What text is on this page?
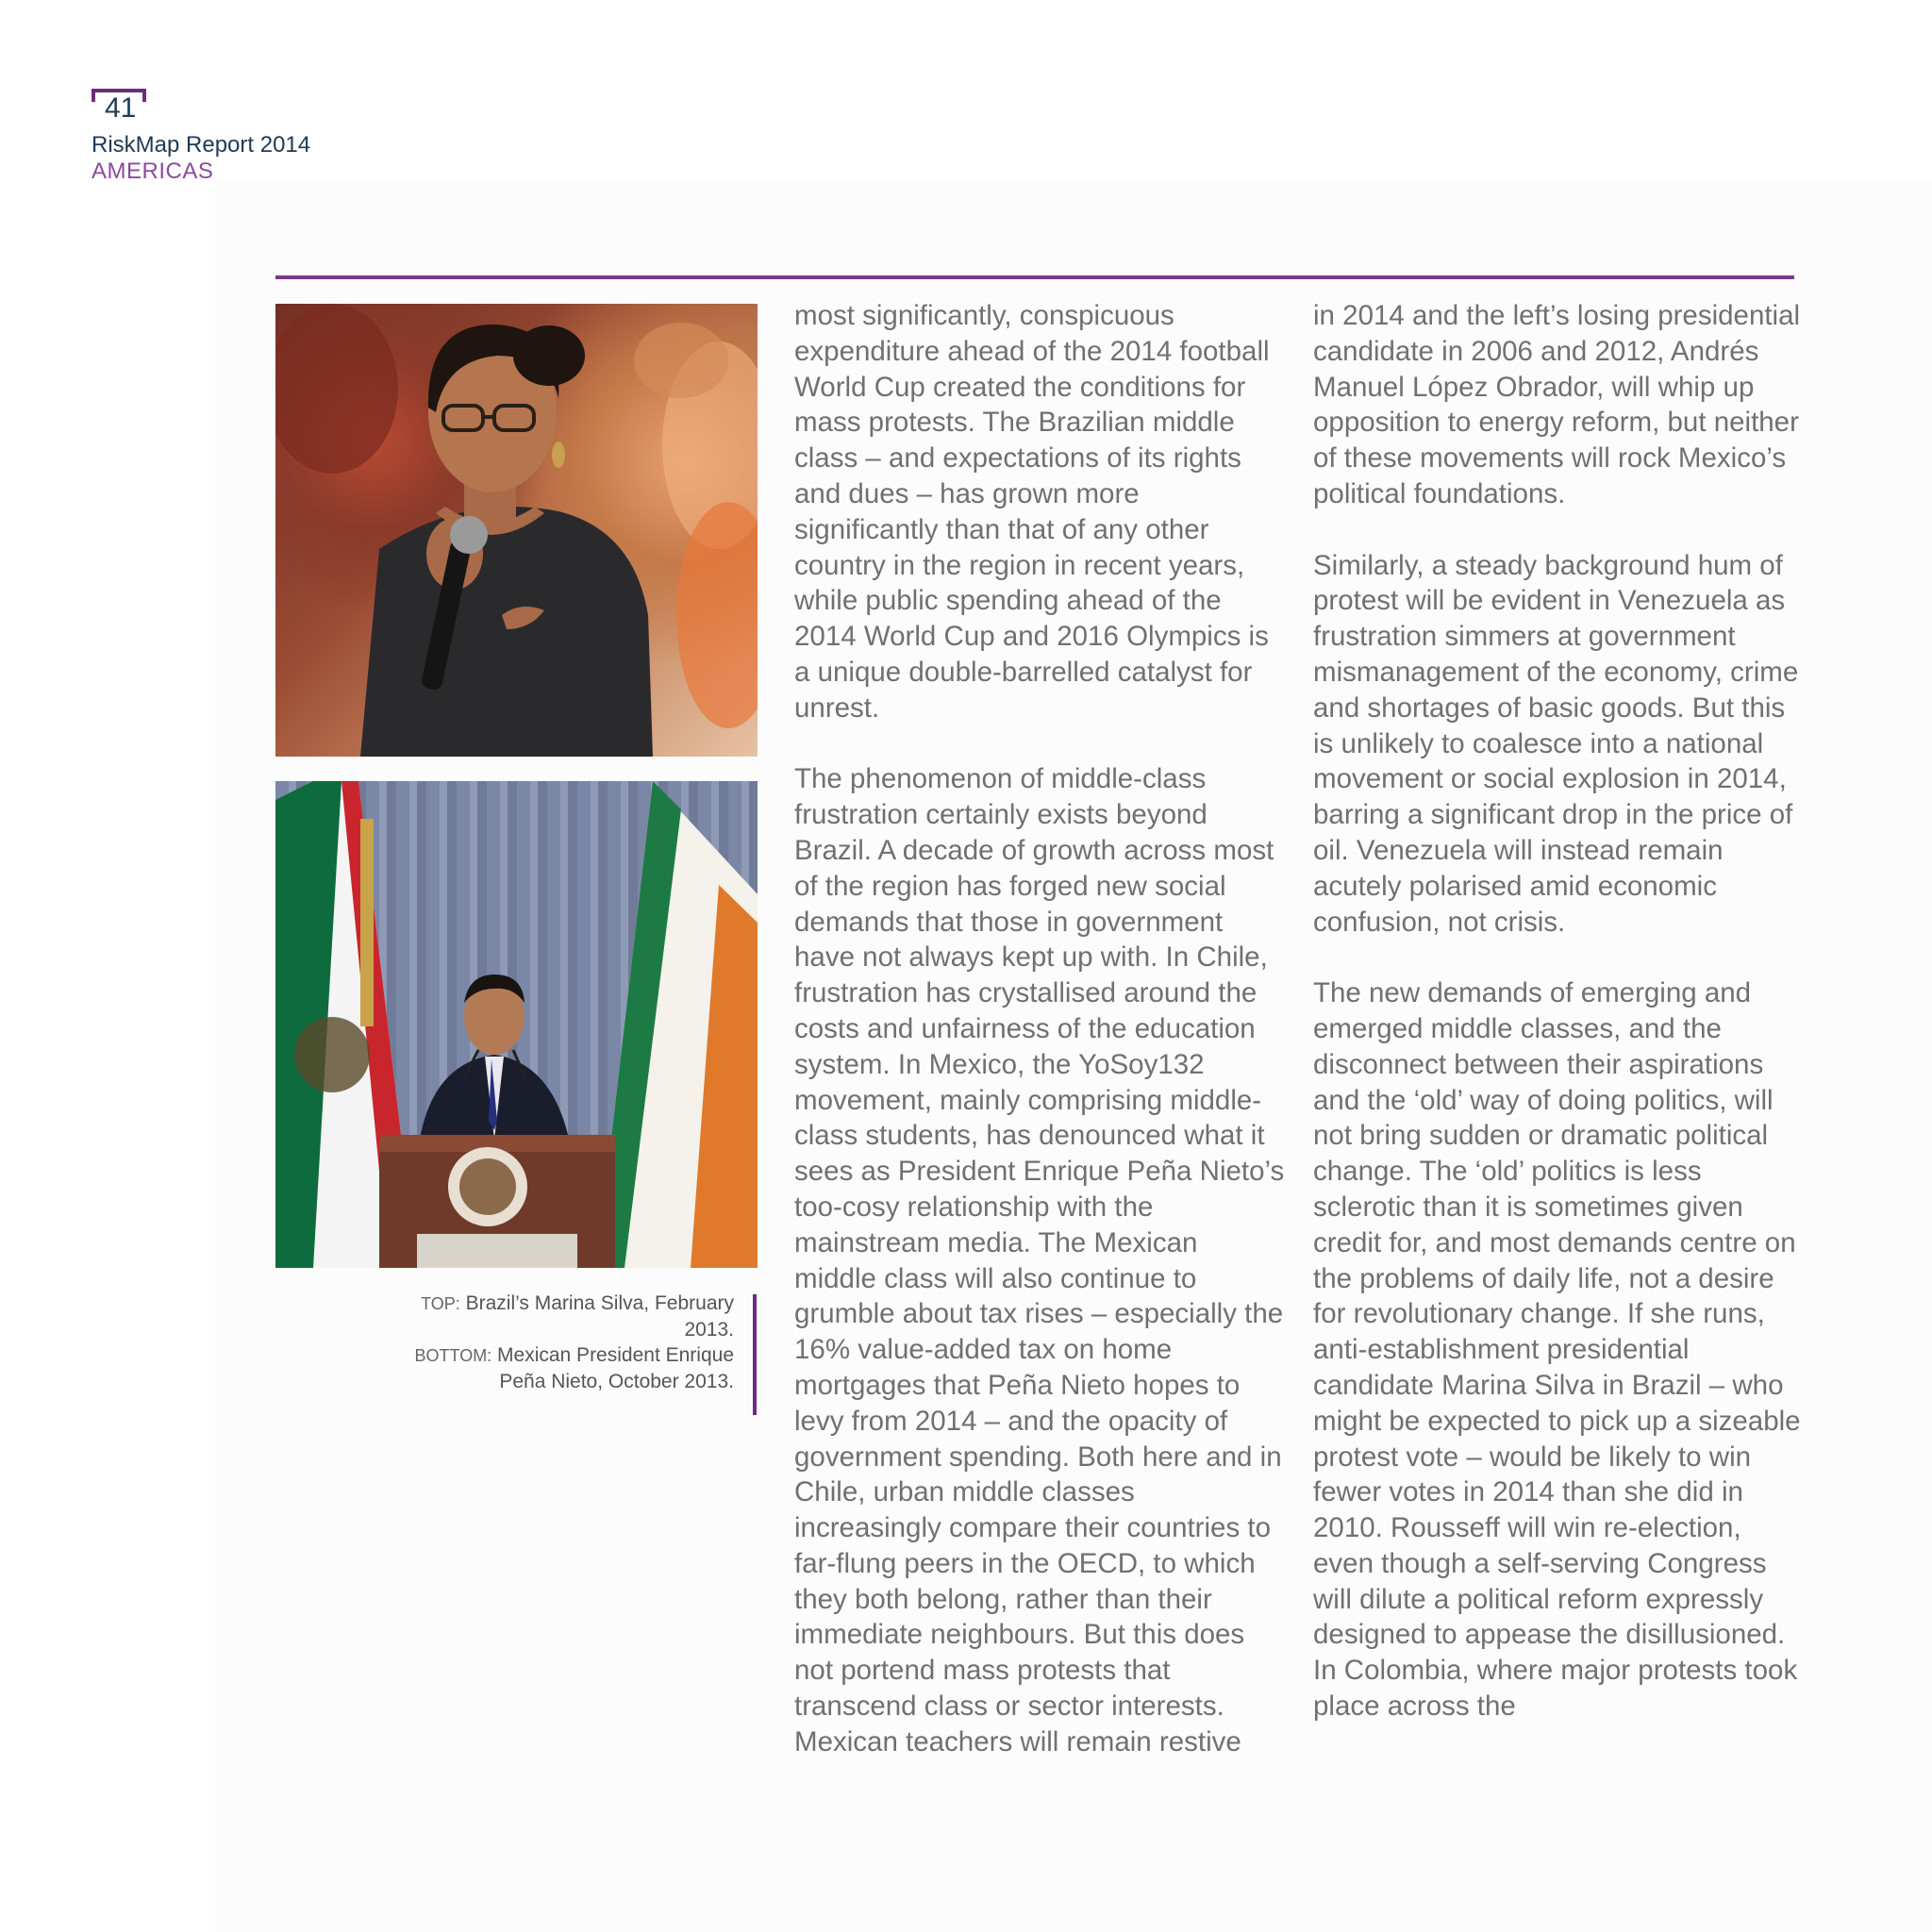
41
RiskMap Report 2014
AMERICAS
TOP: Brazil’s Marina Silva, February 2013.
BOTTOM: Mexican President Enrique Peña Nieto, October 2013.

most significantly, conspicuous expenditure ahead of the 2014 football World Cup created the conditions for mass protests. The Brazilian middle class – and expectations of its rights and dues – has grown more significantly than that of any other country in the region in recent years, while public spending ahead of the 2014 World Cup and 2016 Olympics is a unique double-barrelled catalyst for unrest.

The phenomenon of middle-class frustration certainly exists beyond Brazil. A decade of growth across most of the region has forged new social demands that those in government have not always kept up with. In Chile, frustration has crystallised around the costs and unfairness of the education system. In Mexico, the YoSoy132 movement, mainly comprising middle-class students, has denounced what it sees as President Enrique Peña Nieto’s too-cosy relationship with the mainstream media. The Mexican middle class will also continue to grumble about tax rises – especially the 16% value-added tax on home mortgages that Peña Nieto hopes to levy from 2014 – and the opacity of government spending. Both here and in Chile, urban middle classes increasingly compare their countries to far-flung peers in the OECD, to which they both belong, rather than their immediate neighbours. But this does not portend mass protests that transcend class or sector interests. Mexican teachers will remain restive

in 2014 and the left’s losing presidential candidate in 2006 and 2012, Andrés Manuel López Obrador, will whip up opposition to energy reform, but neither of these movements will rock Mexico’s political foundations.

Similarly, a steady background hum of protest will be evident in Venezuela as frustration simmers at government mismanagement of the economy, crime and shortages of basic goods. But this is unlikely to coalesce into a national movement or social explosion in 2014, barring a significant drop in the price of oil. Venezuela will instead remain acutely polarised amid economic confusion, not crisis.

The new demands of emerging and emerged middle classes, and the disconnect between their aspirations and the ‘old’ way of doing politics, will not bring sudden or dramatic political change. The ‘old’ politics is less sclerotic than it is sometimes given credit for, and most demands centre on the problems of daily life, not a desire for revolutionary change. If she runs, anti-establishment presidential candidate Marina Silva in Brazil – who might be expected to pick up a sizeable protest vote – would be likely to win fewer votes in 2014 than she did in 2010. Rousseff will win re-election, even though a self-serving Congress will dilute a political reform expressly designed to appease the disillusioned. In Colombia, where major protests took place across the
